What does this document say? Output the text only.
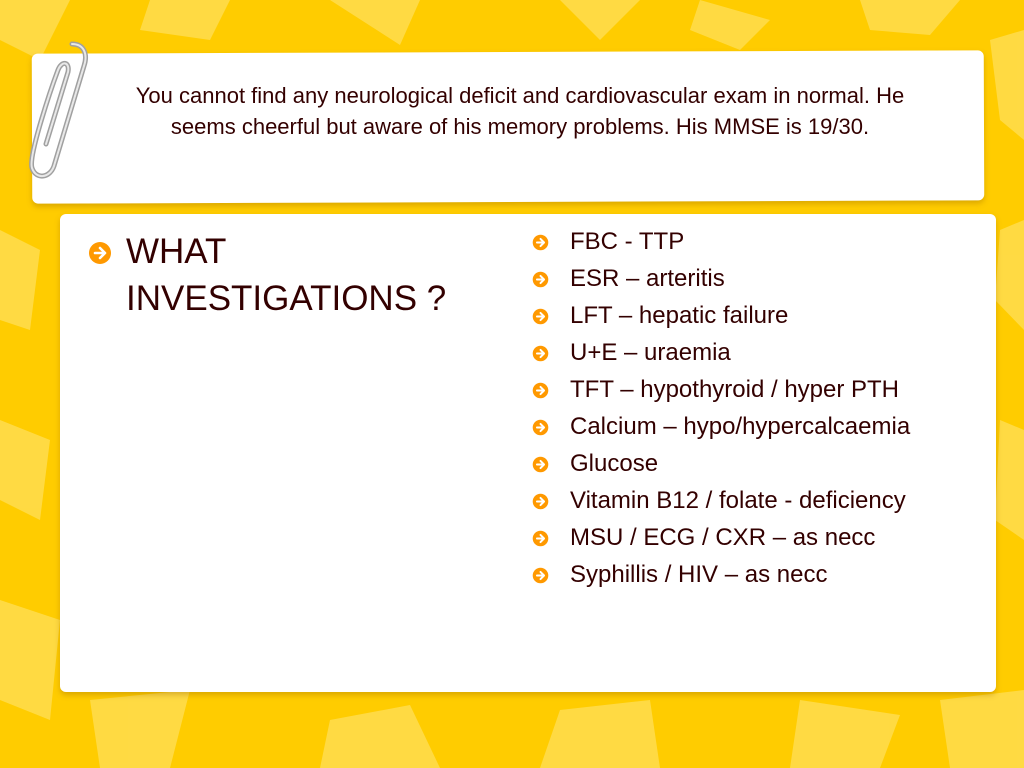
You cannot find any neurological deficit and cardiovascular exam in normal. He seems cheerful but aware of his memory problems. His MMSE is 19/30.
WHAT INVESTIGATIONS ?
FBC - TTP
ESR – arteritis
LFT – hepatic failure
U+E – uraemia
TFT – hypothyroid / hyper PTH
Calcium – hypo/hypercalcaemia
Glucose
Vitamin B12 / folate - deficiency
MSU / ECG / CXR – as necc
Syphillis / HIV – as necc
